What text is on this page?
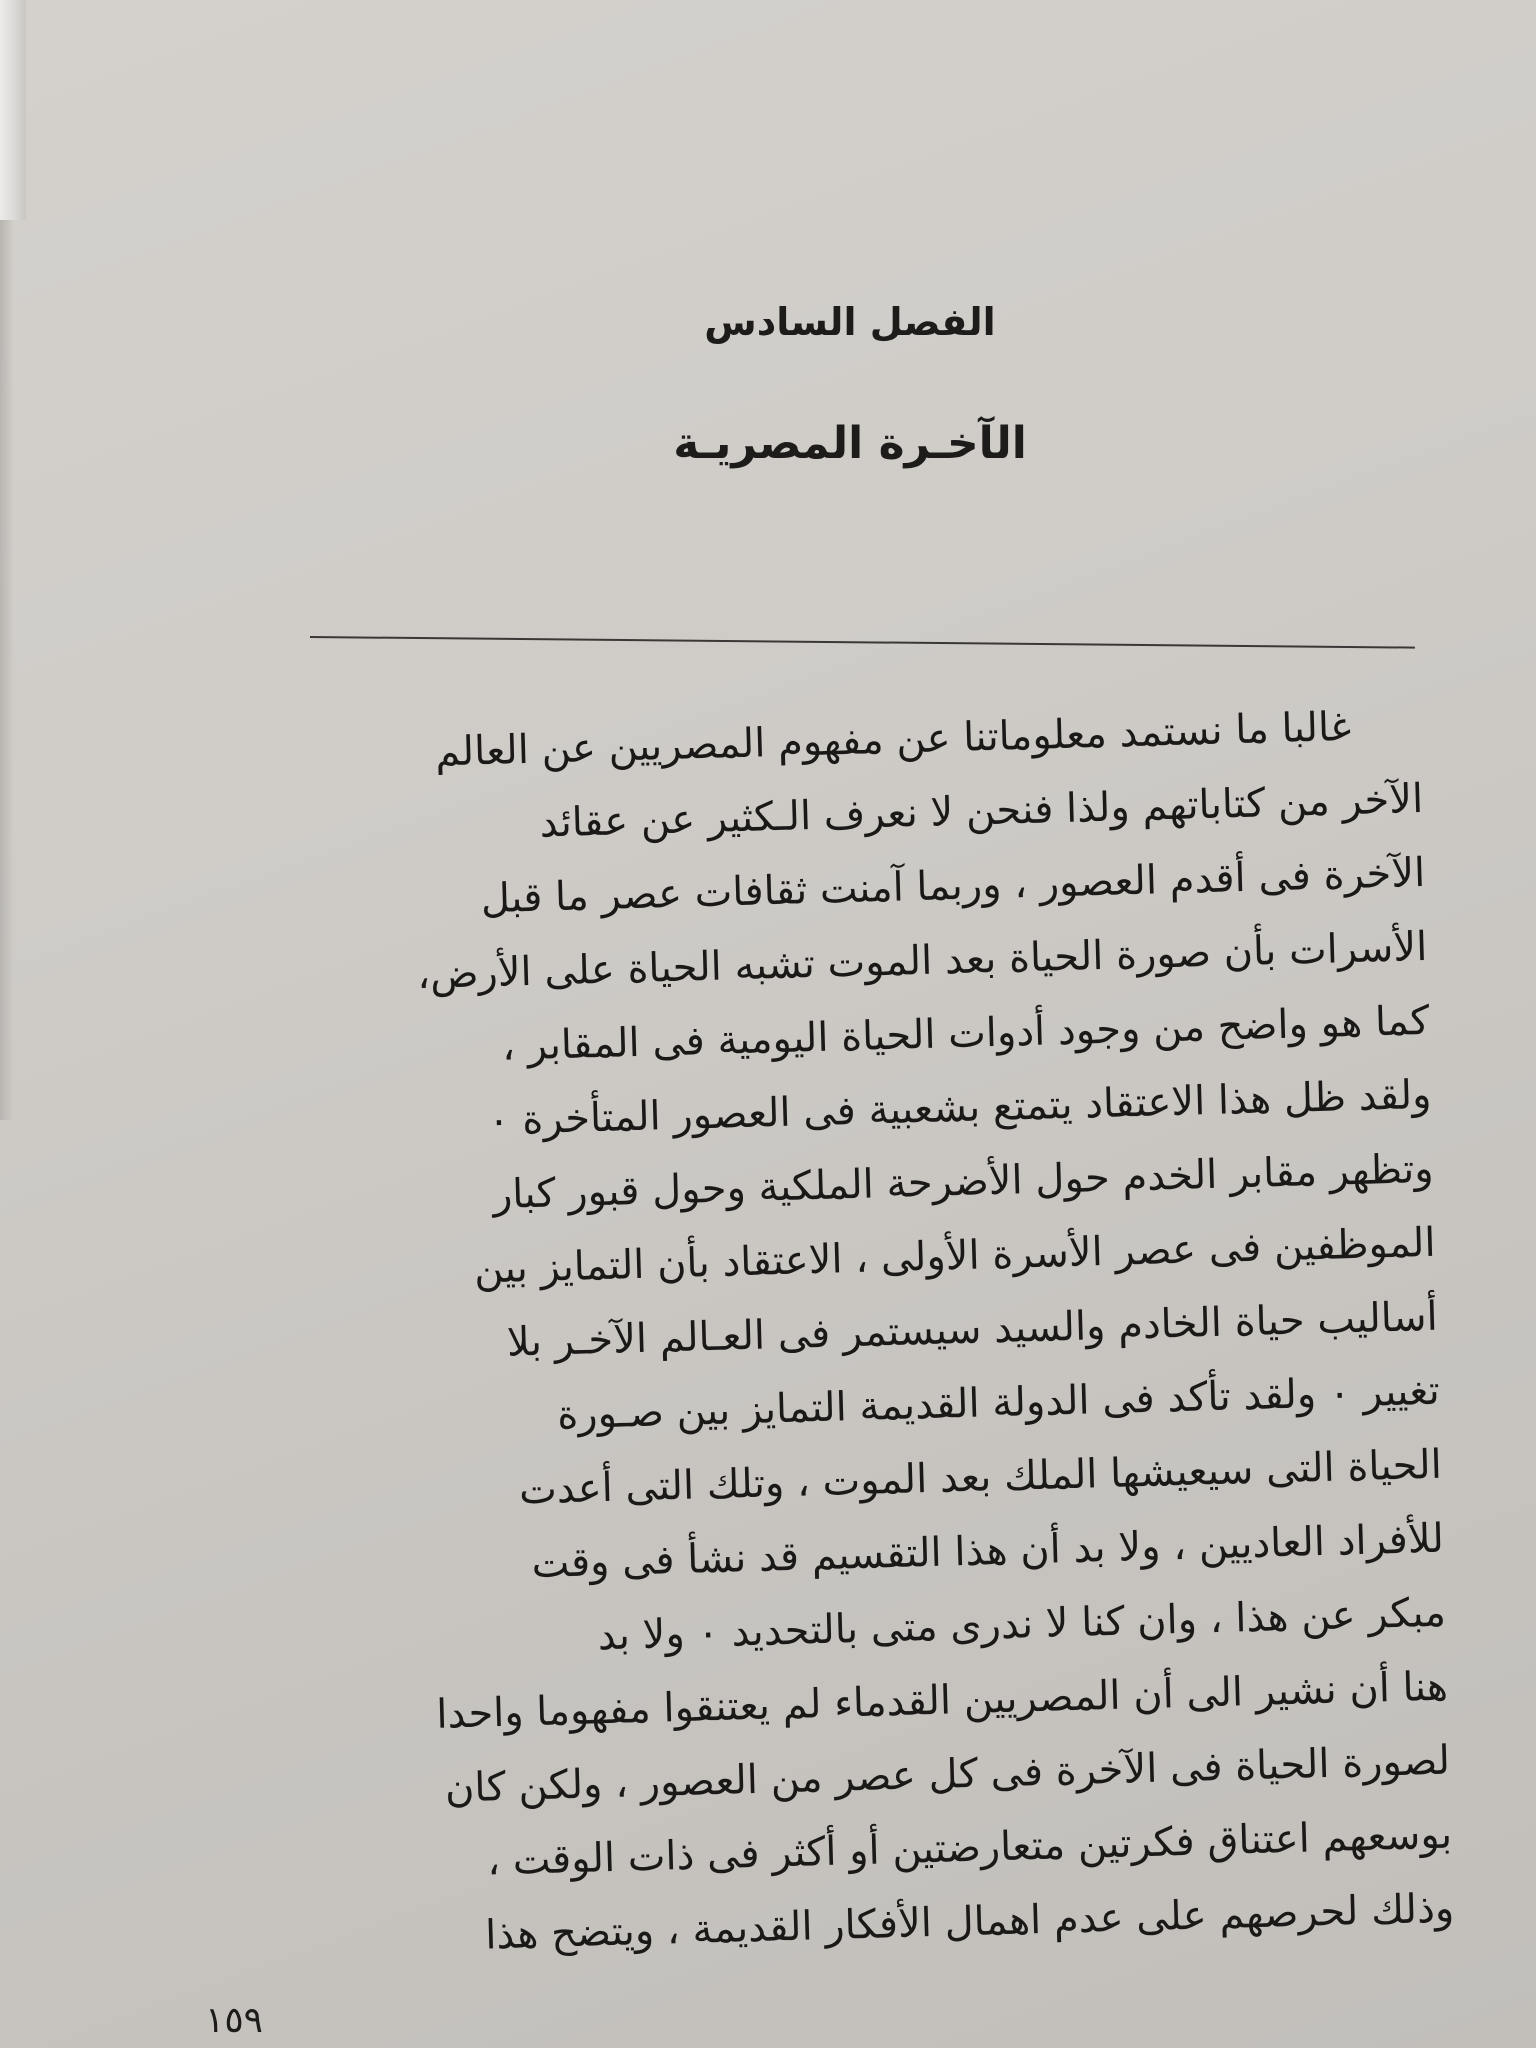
الفصل السادس
الآخـرة المصريـة
غالبا ما نستمد معلوماتنا عن مفهوم المصريين عن العالم
الآخر من كتاباتهم ولذا فنحن لا نعرف الـكثير عن عقائد
الآخرة فى أقدم العصور ، وربما آمنت ثقافات عصر ما قبل
الأسرات بأن صورة الحياة بعد الموت تشبه الحياة على الأرض،
كما هو واضح من وجود أدوات الحياة اليومية فى المقابر ،
ولقد ظل هذا الاعتقاد يتمتع بشعبية فى العصور المتأخرة ٠
وتظهر مقابر الخدم حول الأضرحة الملكية وحول قبور كبار
الموظفين فى عصر الأسرة الأولى ، الاعتقاد بأن التمايز بين
أساليب حياة الخادم والسيد سيستمر فى العـالم الآخـر بلا
تغيير ٠ ولقد تأكد فى الدولة القديمة التمايز بين صـورة
الحياة التى سيعيشها الملك بعد الموت ، وتلك التى أعدت
للأفراد العاديين ، ولا بد أن هذا التقسيم قد نشأ فى وقت
مبكر عن هذا ، وان كنا لا ندرى متى بالتحديد ٠ ولا بد
هنا أن نشير الى أن المصريين القدماء لم يعتنقوا مفهوما واحدا
لصورة الحياة فى الآخرة فى كل عصر من العصور ، ولكن كان
بوسعهم اعتناق فكرتين متعارضتين أو أكثر فى ذات الوقت ،
وذلك لحرصهم على عدم اهمال الأفكار القديمة ، ويتضح هذا
١٥٩
